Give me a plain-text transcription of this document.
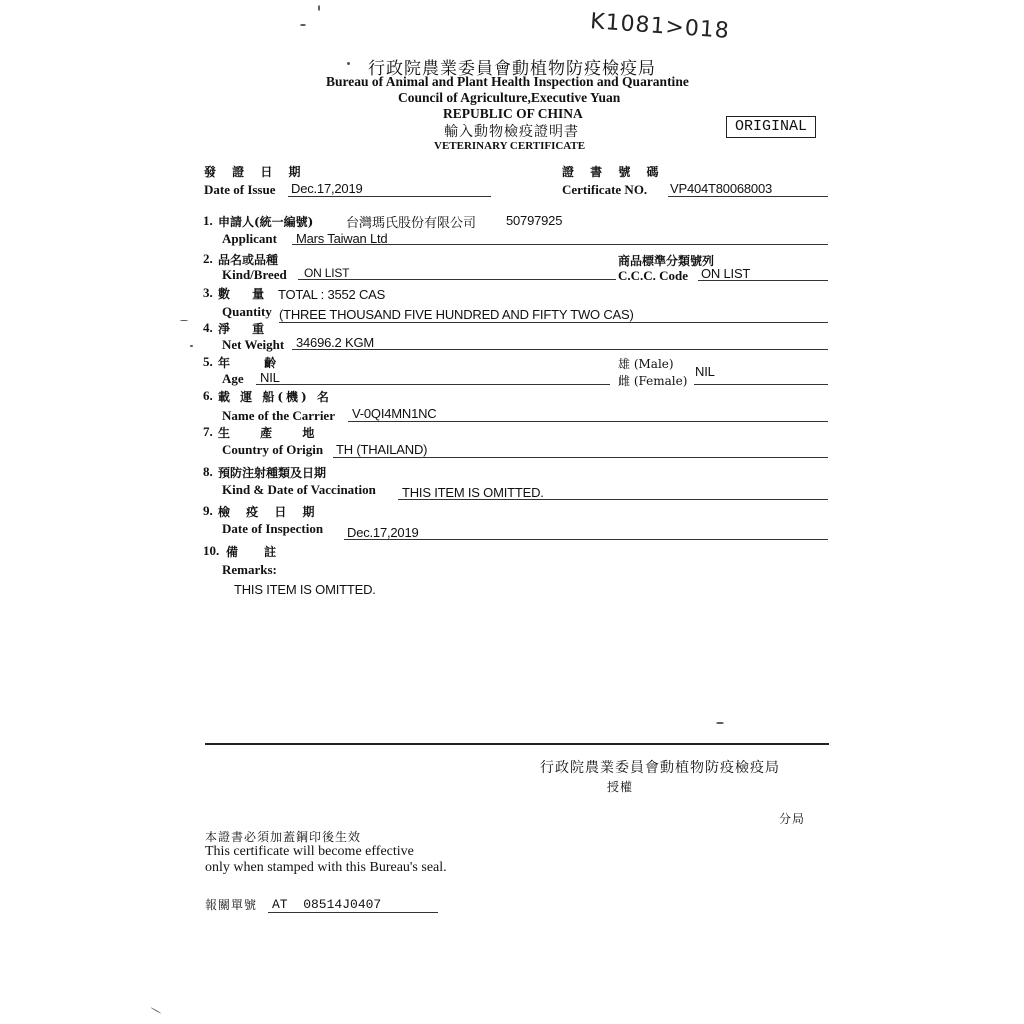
K1081>018
行政院農業委員會動植物防疫檢疫局
Bureau of Animal and Plant Health Inspection and Quarantine
Council of Agriculture,Executive Yuan
REPUBLIC OF CHINA
輸入動物檢疫證明書
VETERINARY CERTIFICATE
ORIGINAL
發 證 日 期
Date of Issue Dec.17,2019
證 書 號 碼
Certificate NO. VP404T80068003
1. 申請人(統一編號)	台灣瑪氏股份有限公司 50797925
Applicant Mars Taiwan Ltd
2. 品名或品種
Kind/Breed ON LIST
商品標準分類號列
C.C.C. Code ON LIST
3. 數 量 TOTAL : 3552 CAS
Quantity (THREE THOUSAND FIVE HUNDRED AND FIFTY TWO CAS)
4. 淨 重
Net Weight 34696.2 KGM
5. 年 齡
Age NIL
雄 (Male)
雌 (Female)
NIL
6. 載 運 船(機) 名
Name of the Carrier V-0QI4MN1NC
7. 生 產 地
Country of Origin TH (THAILAND)
8. 預防注射種類及日期
Kind & Date of Vaccination THIS ITEM IS OMITTED.
9. 檢 疫 日 期
Date of Inspection Dec.17,2019
10. 備 註
Remarks:
THIS ITEM IS OMITTED.
行政院農業委員會動植物防疫檢疫局
授權
分局
本證書必須加蓋鋼印後生效
This certificate will become effective
only when stamped with this Bureau's seal.
報關單號 AT  08514J0407
